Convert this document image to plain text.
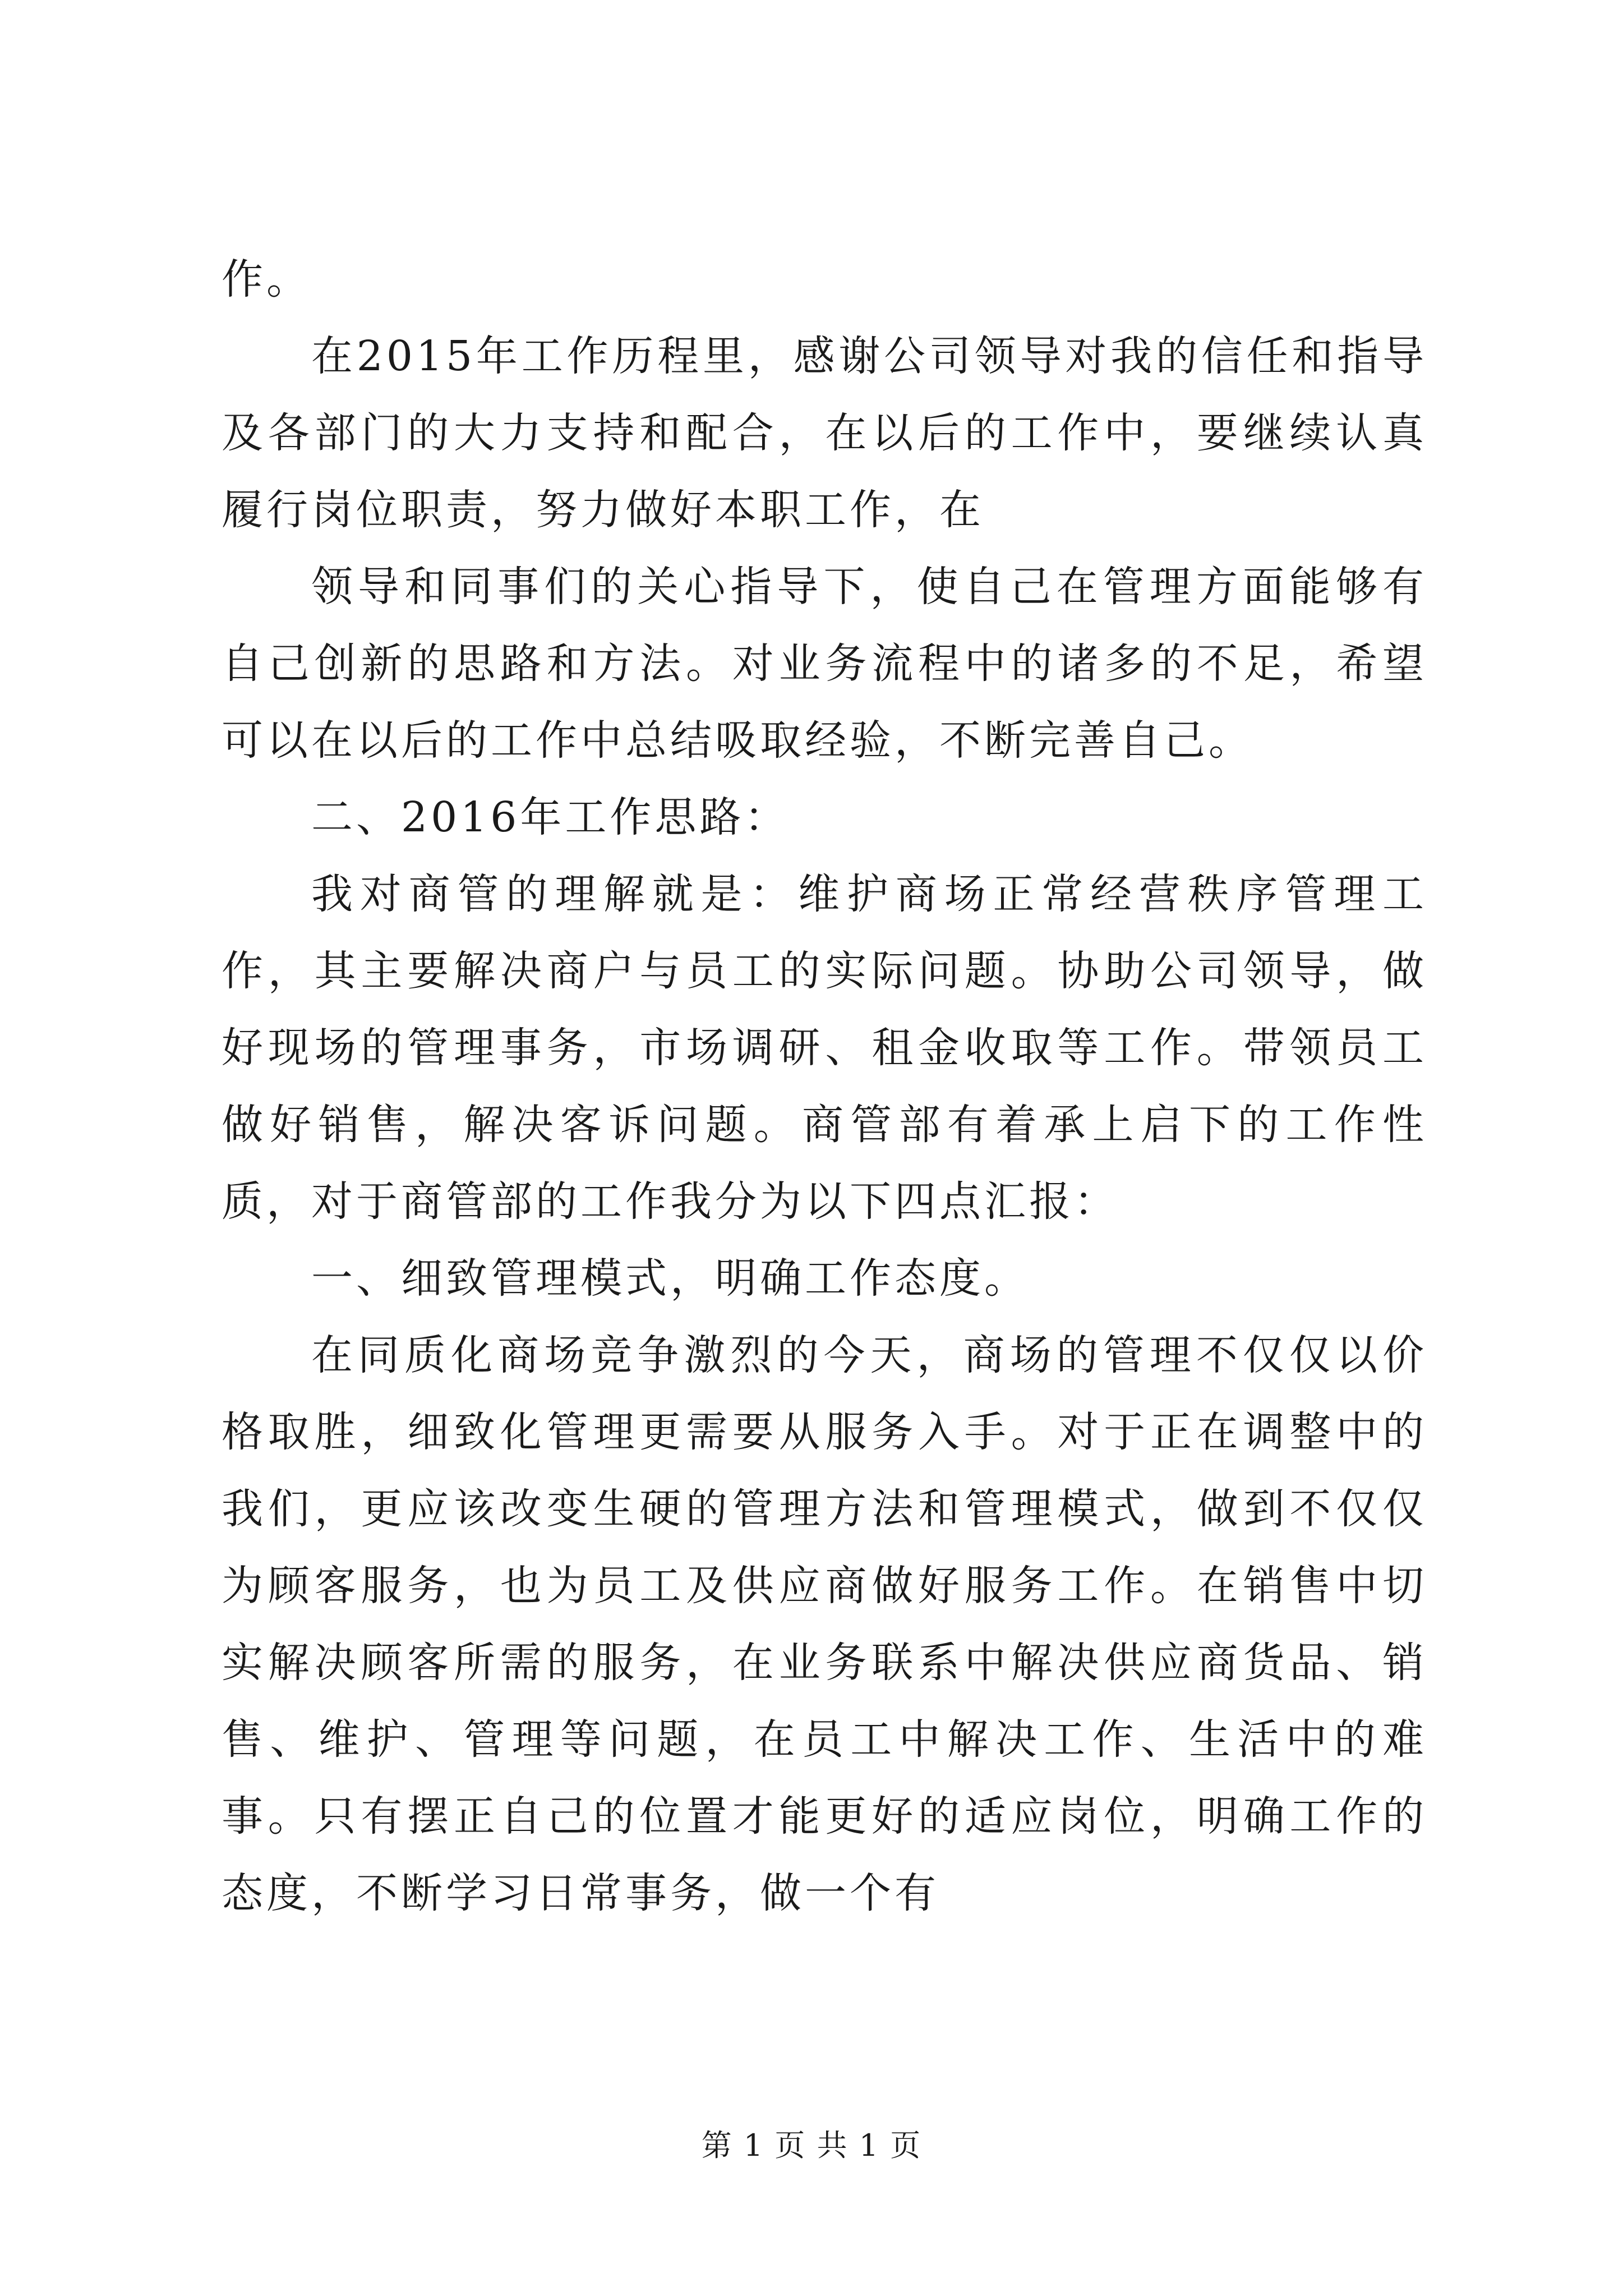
作。

在2015年工作历程里，感谢公司领导对我的信任和指导及各部门的大力支持和配合，在以后的工作中，要继续认真履行岗位职责，努力做好本职工作，在

领导和同事们的关心指导下，使自己在管理方面能够有自己创新的思路和方法。对业务流程中的诸多的不足，希望可以在以后的工作中总结吸取经验，不断完善自己。

二、2016年工作思路：

我对商管的理解就是：维护商场正常经营秩序管理工作，其主要解决商户与员工的实际问题。协助公司领导，做好现场的管理事务，市场调研、租金收取等工作。带领员工做好销售，解决客诉问题。商管部有着承上启下的工作性质，对于商管部的工作我分为以下四点汇报：

一、细致管理模式，明确工作态度。

在同质化商场竞争激烈的今天，商场的管理不仅仅以价格取胜，细致化管理更需要从服务入手。对于正在调整中的我们，更应该改变生硬的管理方法和管理模式，做到不仅仅为顾客服务，也为员工及供应商做好服务工作。在销售中切实解决顾客所需的服务，在业务联系中解决供应商货品、销售、维护、管理等问题，在员工中解决工作、生活中的难事。只有摆正自己的位置才能更好的适应岗位，明确工作的态度，不断学习日常事务，做一个有

第 1 页 共 1 页
